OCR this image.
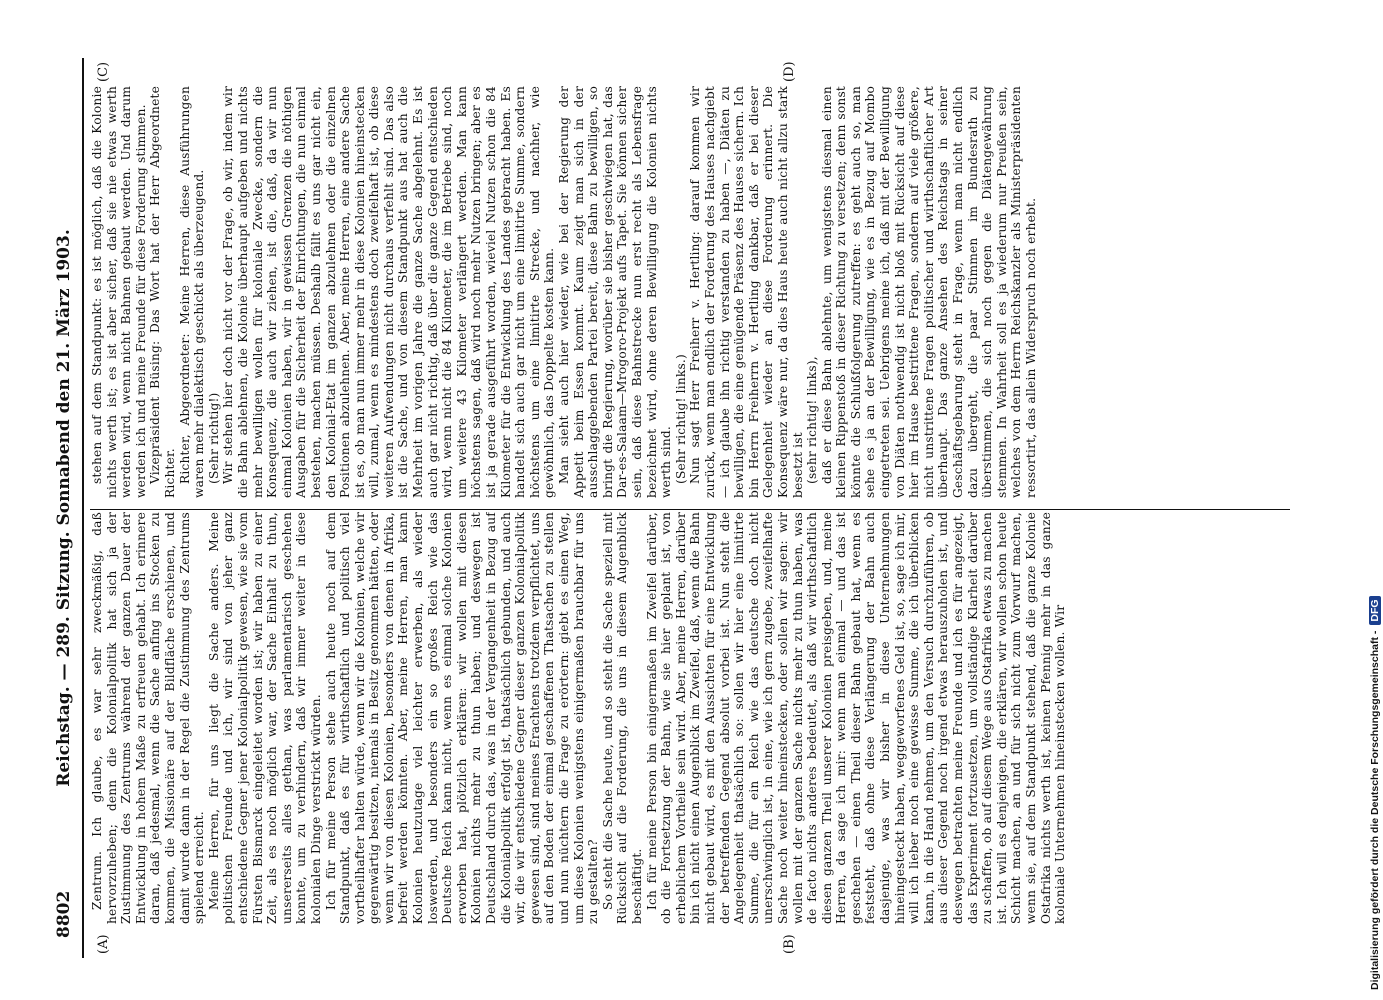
8802
Reichstag. — 289. Sitzung. Sonnabend den 21. März 1903.
(A)	(B)
(C)	(D)

Zentrum. Ich glaube, es war sehr zweckmäßig, daß hervorzuheben; denn die Kolonialpolitik hat sich ja der Zustimmung des Zentrums während der ganzen Dauer der Entwicklung in hohem Maße zu erfreuen gehabt. Ich erinnere daran, daß jedesmal, wenn die Sache anfing ins Stocken zu kommen, die Missionäre auf der Bildfläche erschienen, und damit wurde dann in der Regel die Zustimmung des Zentrums spielend erreicht. Meine Herren, für uns liegt die Sache anders. Meine politischen Freunde und ich, wir sind von jeher ganz entschiedene Gegner jener Kolonialpolitik gewesen, wie sie vom Fürsten Bismarck eingeleitet worden ist; wir haben zu einer Zeit, als es noch möglich war, der Sache Einhalt zu thun, unsererseits alles gethan, was parlamentarisch geschehen konnte, um zu verhindern, daß wir immer weiter in diese kolonialen Dinge verstrickt würden. Ich für meine Person stehe auch heute noch auf dem Standpunkt, daß es für wirthschaftlich und politisch viel vortheilhafter halten würde, wenn wir die Kolonien, welche wir gegenwärtig besitzen, niemals in Besitz genommen hätten, oder wenn wir von diesen Kolonien, besonders von denen in Afrika, befreit werden könnten. Aber, meine Herren, man kann Kolonien heutzutage viel leichter erwerben, als wieder loswerden, und besonders ein so großes Reich wie das Deutsche Reich kann nicht, wenn es einmal solche Kolonien erworben hat, plötzlich erklären: wir wollen mit diesen Kolonien nichts mehr zu thun haben; und deswegen ist Deutschland durch das, was in der Vergangenheit in Bezug auf die Kolonialpolitik erfolgt ist, thatsächlich gebunden, und auch wir, die wir entschiedene Gegner dieser ganzen Kolonialpolitik gewesen sind, sind meines Erachtens trotzdem verpflichtet, uns auf den Boden der einmal geschaffenen Thatsachen zu stellen und nun nüchtern die Frage zu erörtern: giebt es einen Weg, um diese Kolonien wenigstens einigermaßen brauchbar für uns zu gestalten? So steht die Sache heute, und so steht die Sache speziell mit Rücksicht auf die Forderung, die uns in diesem Augenblick beschäftigt. Ich für meine Person bin einigermaßen im Zweifel darüber, ob die Fortsetzung der Bahn, wie sie hier geplant ist, von erheblichem Vortheile sein wird. Aber, meine Herren, darüber bin ich nicht einen Augenblick im Zweifel, daß, wenn die Bahn nicht gebaut wird, es mit den Aussichten für eine Entwicklung der betreffenden Gegend absolut vorbei ist. Nun steht die Angelegenheit thatsächlich so: sollen wir hier eine limitirte Summe, die für ein Reich wie das deutsche doch nicht unerschwinglich ist, in eine, wie ich gern zugebe, zweifelhafte Sache noch weiter hineinstecken, oder sollen wir sagen: wir wollen mit der ganzen Sache nichts mehr zu thun haben, was de facto nichts anderes bedeutet, als daß wir wirthschaftlich diesen ganzen Theil unserer Kolonien preisgeben, und, meine Herren, da sage ich mir: wenn man einmal — und das ist geschehen — einen Theil dieser Bahn gebaut hat, wenn es feststeht, daß ohne diese Verlängerung der Bahn auch dasjenige, was wir bisher in diese Unternehmungen hineingesteckt haben, weggeworfenes Geld ist, so, sage ich mir, will ich lieber noch eine gewisse Summe, die ich überblicken kann, in die Hand nehmen, um den Versuch durchzuführen, ob aus dieser Gegend noch irgend etwas herauszuholen ist, und deswegen betrachten meine Freunde und ich es für angezeigt, das Experiment fortzusetzen, um vollständige Klarheit darüber zu schaffen, ob auf diesem Wege aus Ostafrika etwas zu machen ist. Ich will es denjenigen, die erklären, wir wollen schon heute Schicht machen, an und für sich nicht zum Vorwurf machen, wenn sie, auf dem Standpunkt stehend, daß die ganze Kolonie Ostafrika nichts werth ist, keinen Pfennig mehr in das ganze koloniale Unternehmen hineinstecken wollen. Wir

stehen auf dem Standpunkt: es ist möglich, daß die Kolonie nichts werth ist; es ist aber sicher, daß sie nie etwas werth werden wird, wenn nicht Bahnen gebaut werden. Und darum werden ich und meine Freunde für diese Forderung stimmen. Vizepräsident Büsing: Das Wort hat der Herr Abgeordnete Richter. Richter, Abgeordneter: Meine Herren, diese Ausführungen waren mehr dialektisch geschickt als überzeugend. (Sehr richtig!) Wir stehen hier doch nicht vor der Frage, ob wir, indem wir die Bahn ablehnen, die Kolonie überhaupt aufgeben und nichts mehr bewilligen wollen für koloniale Zwecke, sondern die Konsequenz, die auch wir ziehen, ist die, daß, da wir nun einmal Kolonien haben, wir in gewissen Grenzen die nöthigen Ausgaben für die Sicherheit der Einrichtungen, die nun einmal bestehen, machen müssen. Deshalb fällt es uns gar nicht ein, den Kolonial-Etat im ganzen abzulehnen oder die einzelnen Positionen abzulehnen. Aber, meine Herren, eine andere Sache ist es, ob man nun immer mehr in diese Kolonien hineinstecken will, zumal, wenn es mindestens doch zweifelhaft ist, ob diese weiteren Aufwendungen nicht durchaus verfehlt sind. Das also ist die Sache, und von diesem Standpunkt aus hat auch die Mehrheit im vorigen Jahre die ganze Sache abgelehnt. Es ist auch gar nicht richtig, daß über die ganze Gegend entschieden wird, wenn nicht die 84 Kilometer, die im Betriebe sind, noch um weitere 43 Kilometer verlängert werden. Man kann höchstens sagen, daß wird noch mehr Nutzen bringen; aber es ist ja gerade ausgeführt worden, wieviel Nutzen schon die 84 Kilometer für die Entwicklung des Landes gebracht haben. Es handelt sich auch gar nicht um eine limitirte Summe, sondern höchstens um eine limitirte Strecke, und nachher, wie gewöhnlich, das Doppelte kosten kann. Man sieht auch hier wieder, wie bei der Regierung der Appetit beim Essen kommt. Kaum zeigt man sich in der ausschlaggebenden Partei bereit, diese Bahn zu bewilligen, so bringt die Regierung, worüber sie bisher geschwiegen hat, das Dar-es-Salaam—Mrogoro-Projekt aufs Tapet. Sie können sicher sein, daß diese Bahnstrecke nun erst recht als Lebensfrage bezeichnet wird, ohne deren Bewilligung die Kolonien nichts werth sind. (Sehr richtig! links.) Nun sagt Herr Freiherr v. Hertling: darauf kommen wir zurück, wenn man endlich der Forderung des Hauses nachgiebt — ich glaube ihn richtig verstanden zu haben —, Diäten zu bewilligen, die eine genügende Präsenz des Hauses sichern. Ich bin Herrn Freiherrn v. Hertling dankbar, daß er bei dieser Gelegenheit wieder an diese Forderung erinnert. Die Konsequenz wäre nur, da dies Haus heute auch nicht allzu stark besetzt ist (sehr richtig! links), daß er diese Bahn ablehnte, um wenigstens diesmal einen kleinen Rippenstoß in dieser Richtung zu versetzen; denn sonst könnte die Schlußfolgerung zutreffen: es geht auch so, man sehe es ja an der Bewilligung, wie es in Bezug auf Mombo eingetreten sei. Uebrigens meine ich, daß mit der Bewilligung von Diäten nothwendig ist nicht bloß mit Rücksicht auf diese hier im Hause bestrittene Fragen, sondern auf viele größere, nicht unstrittene Fragen politischer und wirthschaftlicher Art überhaupt. Das ganze Ansehen des Reichstags in seiner Geschäftsgebarung steht in Frage, wenn man nicht endlich dazu übergeht, die paar Stimmen im Bundesrath zu überstimmen, die sich noch gegen die Diätengewährung stemmen. In Wahrheit soll es ja wiederum nur Preußen sein, welches von dem Herrn Reichskanzler als Ministerpräsidenten ressortirt, das allein Widerspruch noch erhebt.

Digitalisierung gefördert durch die Deutsche Forschungsgemeinschaft -DFG
